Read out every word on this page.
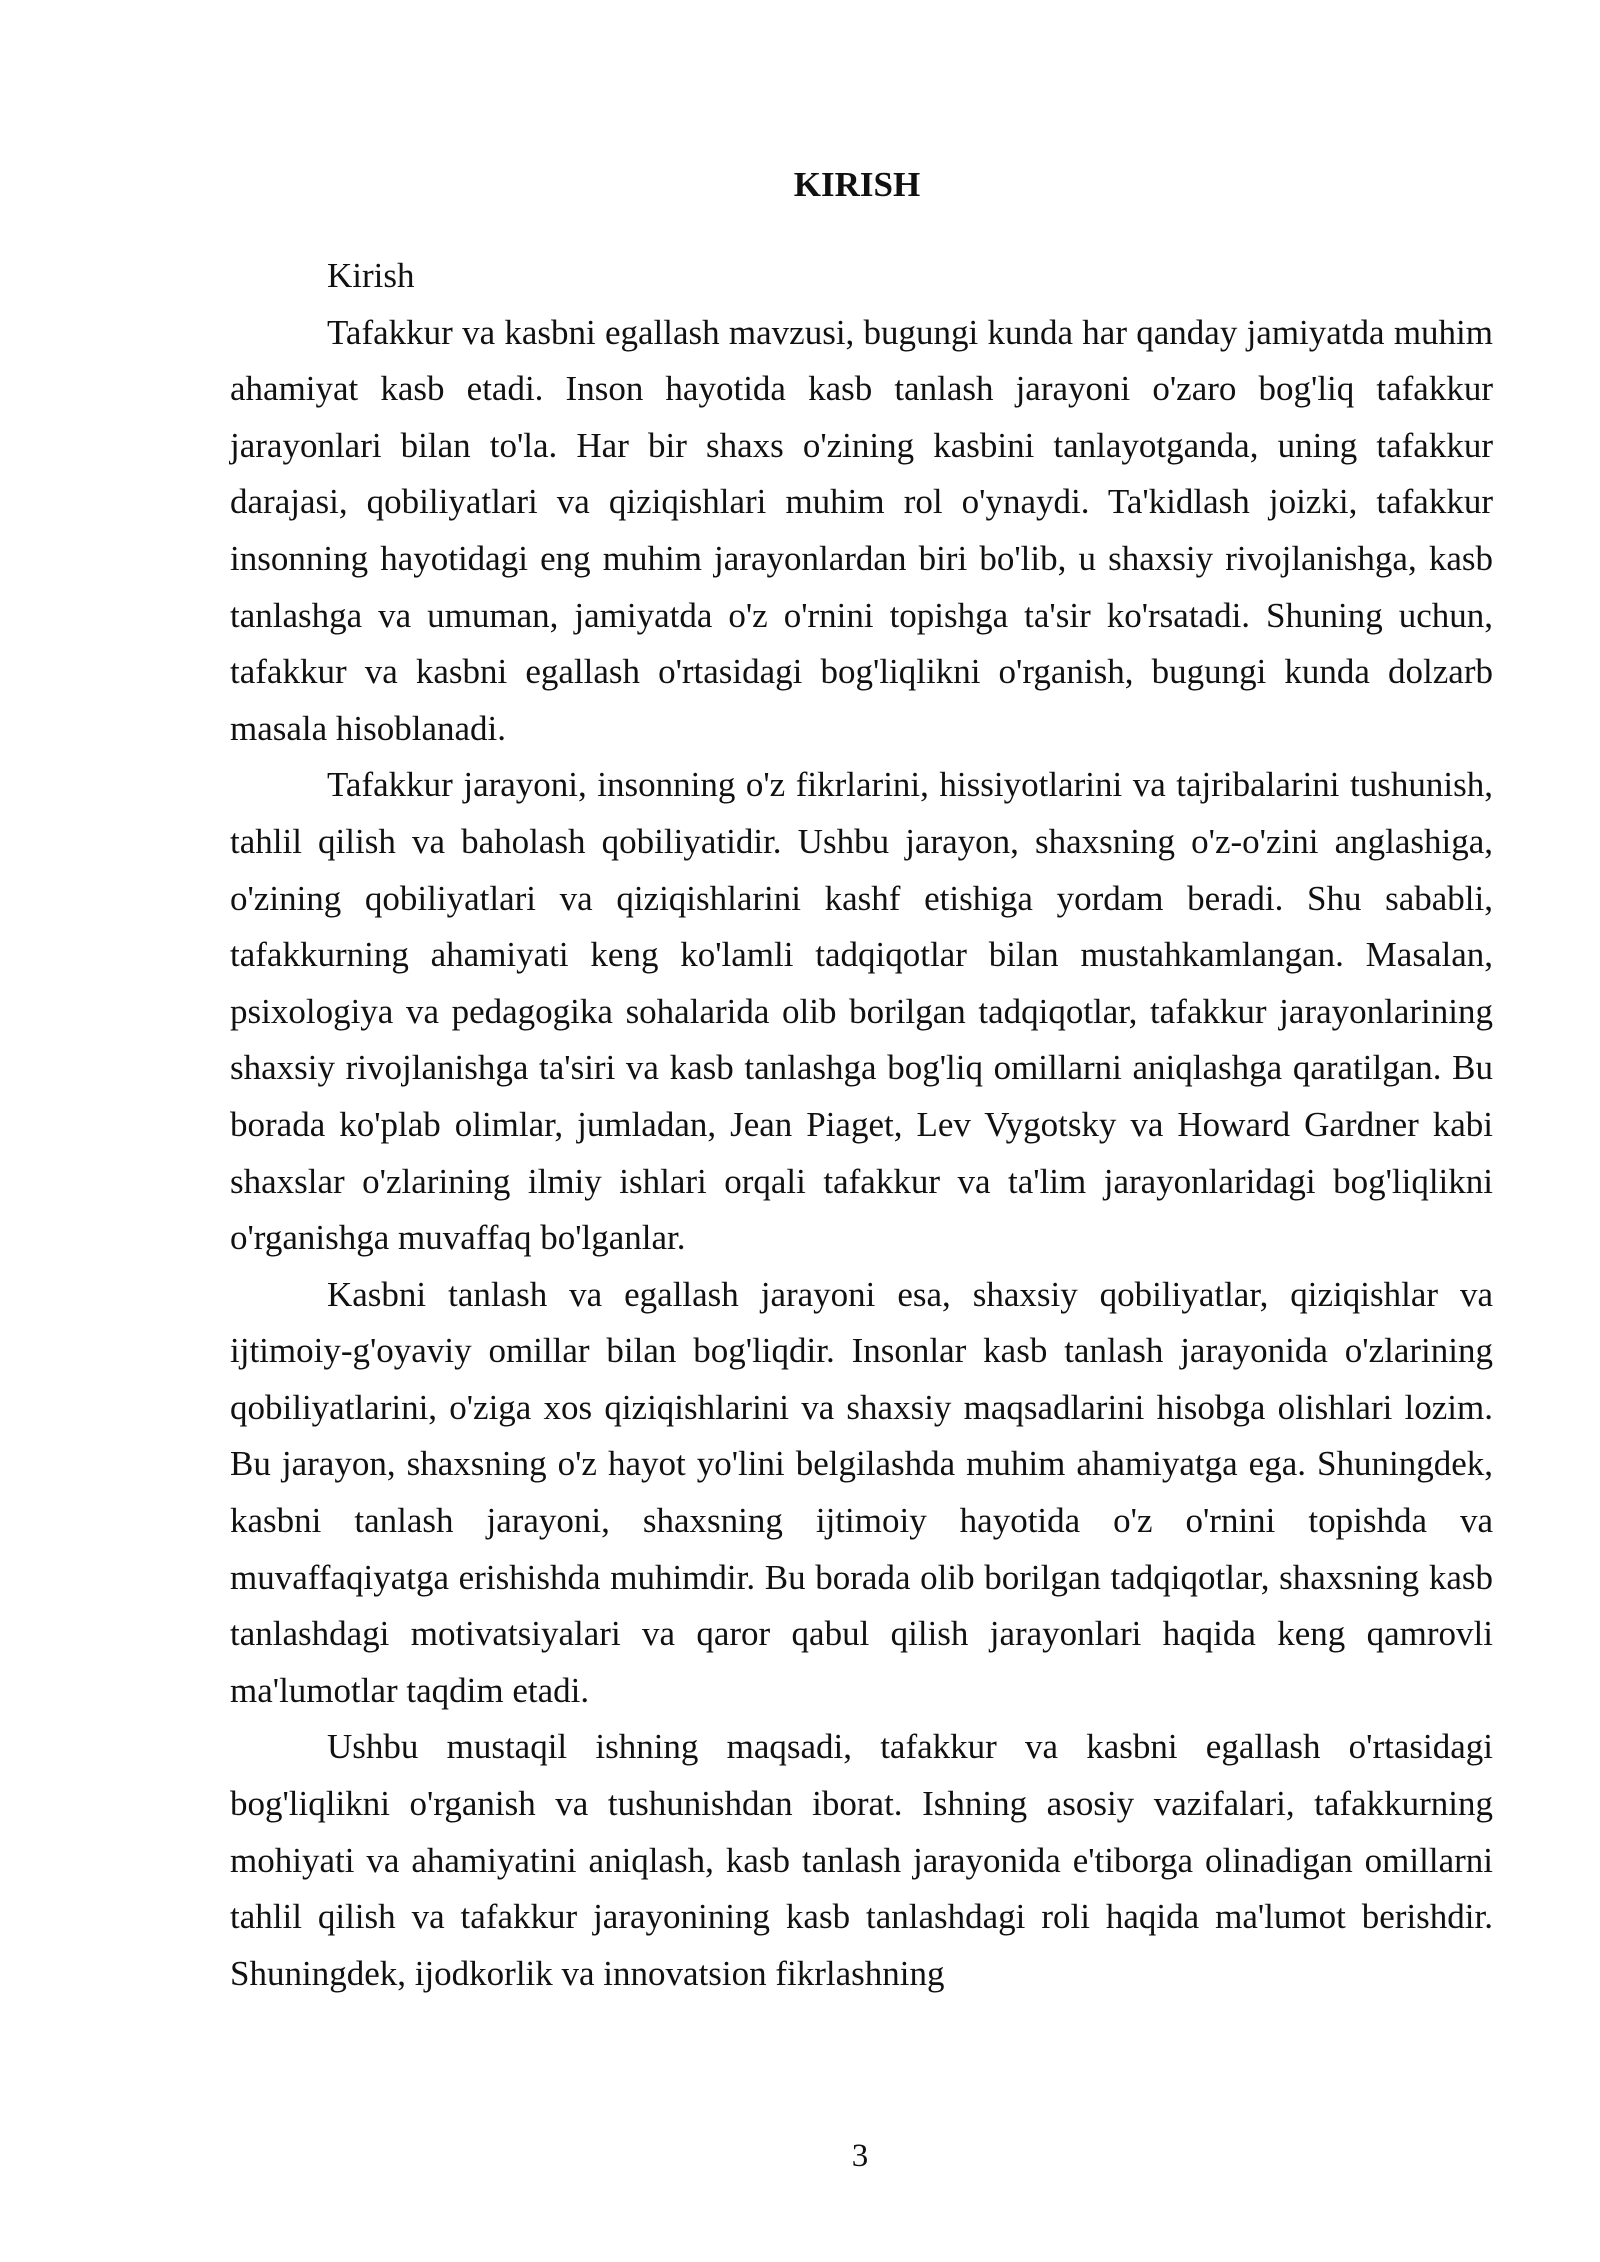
KIRISH

Kirish

Tafakkur va kasbni egallash mavzusi, bugungi kunda har qanday jamiyatda muhim ahamiyat kasb etadi. Inson hayotida kasb tanlash jarayoni o'zaro bog'liq tafakkur jarayonlari bilan to'la. Har bir shaxs o'zining kasbini tanlayotganda, uning tafakkur darajasi, qobiliyatlari va qiziqishlari muhim rol o'ynaydi. Ta'kidlash joizki, tafakkur insonning hayotidagi eng muhim jarayonlardan biri bo'lib, u shaxsiy rivojlanishga, kasb tanlashga va umuman, jamiyatda o'z o'rnini topishga ta'sir ko'rsatadi. Shuning uchun, tafakkur va kasbni egallash o'rtasidagi bog'liqlikni o'rganish, bugungi kunda dolzarb masala hisoblanadi.

Tafakkur jarayoni, insonning o'z fikrlarini, hissiyotlarini va tajribalarini tushunish, tahlil qilish va baholash qobiliyatidir. Ushbu jarayon, shaxsning o'z-o'zini anglashiga, o'zining qobiliyatlari va qiziqishlarini kashf etishiga yordam beradi. Shu sababli, tafakkurning ahamiyati keng ko'lamli tadqiqotlar bilan mustahkamlangan. Masalan, psixologiya va pedagogika sohalarida olib borilgan tadqiqotlar, tafakkur jarayonlarining shaxsiy rivojlanishga ta'siri va kasb tanlashga bog'liq omillarni aniqlashga qaratilgan. Bu borada ko'plab olimlar, jumladan, Jean Piaget, Lev Vygotsky va Howard Gardner kabi shaxslar o'zlarining ilmiy ishlari orqali tafakkur va ta'lim jarayonlaridagi bog'liqlikni o'rganishga muvaffaq bo'lganlar.

Kasbni tanlash va egallash jarayoni esa, shaxsiy qobiliyatlar, qiziqishlar va ijtimoiy-g'oyaviy omillar bilan bog'liqdir. Insonlar kasb tanlash jarayonida o'zlarining qobiliyatlarini, o'ziga xos qiziqishlarini va shaxsiy maqsadlarini hisobga olishlari lozim. Bu jarayon, shaxsning o'z hayot yo'lini belgilashda muhim ahamiyatga ega. Shuningdek, kasbni tanlash jarayoni, shaxsning ijtimoiy hayotida o'z o'rnini topishda va muvaffaqiyatga erishishda muhimdir. Bu borada olib borilgan tadqiqotlar, shaxsning kasb tanlashdagi motivatsiyalari va qaror qabul qilish jarayonlari haqida keng qamrovli ma'lumotlar taqdim etadi.

Ushbu mustaqil ishning maqsadi, tafakkur va kasbni egallash o'rtasidagi bog'liqlikni o'rganish va tushunishdan iborat. Ishning asosiy vazifalari, tafakkurning mohiyati va ahamiyatini aniqlash, kasb tanlash jarayonida e'tiborga olinadigan omillarni tahlil qilish va tafakkur jarayonining kasb tanlashdagi roli haqida ma'lumot berishdir. Shuningdek, ijodkorlik va innovatsion fikrlashning

3
